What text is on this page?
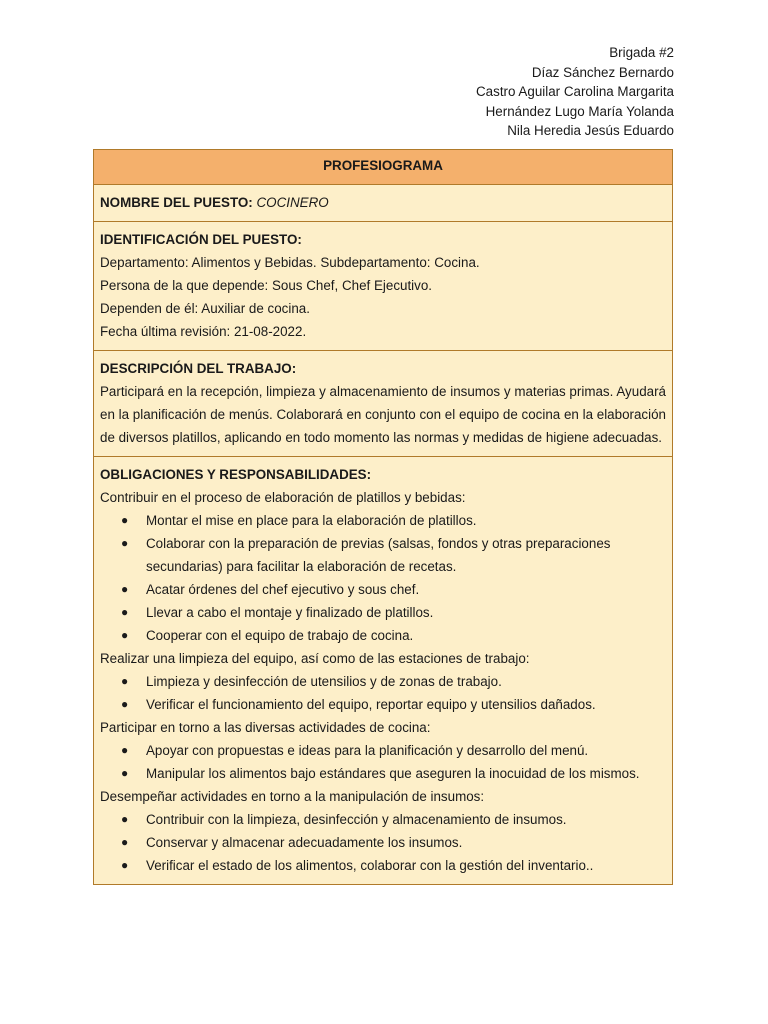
Brigada #2
Díaz Sánchez Bernardo
Castro Aguilar Carolina Margarita
Hernández Lugo María Yolanda
Nila Heredia Jesús Eduardo
PROFESIOGRAMA
NOMBRE DEL PUESTO: COCINERO
IDENTIFICACIÓN DEL PUESTO:
Departamento: Alimentos y Bebidas. Subdepartamento: Cocina.
Persona de la que depende: Sous Chef, Chef Ejecutivo.
Dependen de él: Auxiliar de cocina.
Fecha última revisión: 21-08-2022.
DESCRIPCIÓN DEL TRABAJO:
Participará en la recepción, limpieza y almacenamiento de insumos y materias primas. Ayudará en la planificación de menús. Colaborará en conjunto con el equipo de cocina en la elaboración de diversos platillos, aplicando en todo momento las normas y medidas de higiene adecuadas.
OBLIGACIONES Y RESPONSABILIDADES:
Contribuir en el proceso de elaboración de platillos y bebidas:
● Montar el mise en place para la elaboración de platillos.
● Colaborar con la preparación de previas (salsas, fondos y otras preparaciones secundarias) para facilitar la elaboración de recetas.
● Acatar órdenes del chef ejecutivo y sous chef.
● Llevar a cabo el montaje y finalizado de platillos.
● Cooperar con el equipo de trabajo de cocina.
Realizar una limpieza del equipo, así como de las estaciones de trabajo:
● Limpieza y desinfección de utensilios y de zonas de trabajo.
● Verificar el funcionamiento del equipo, reportar equipo y utensilios dañados.
Participar en torno a las diversas actividades de cocina:
● Apoyar con propuestas e ideas para la planificación y desarrollo del menú.
● Manipular los alimentos bajo estándares que aseguren la inocuidad de los mismos.
Desempeñar actividades en torno a la manipulación de insumos:
● Contribuir con la limpieza, desinfección y almacenamiento de insumos.
● Conservar y almacenar adecuadamente los insumos.
● Verificar el estado de los alimentos, colaborar con la gestión del inventario..
